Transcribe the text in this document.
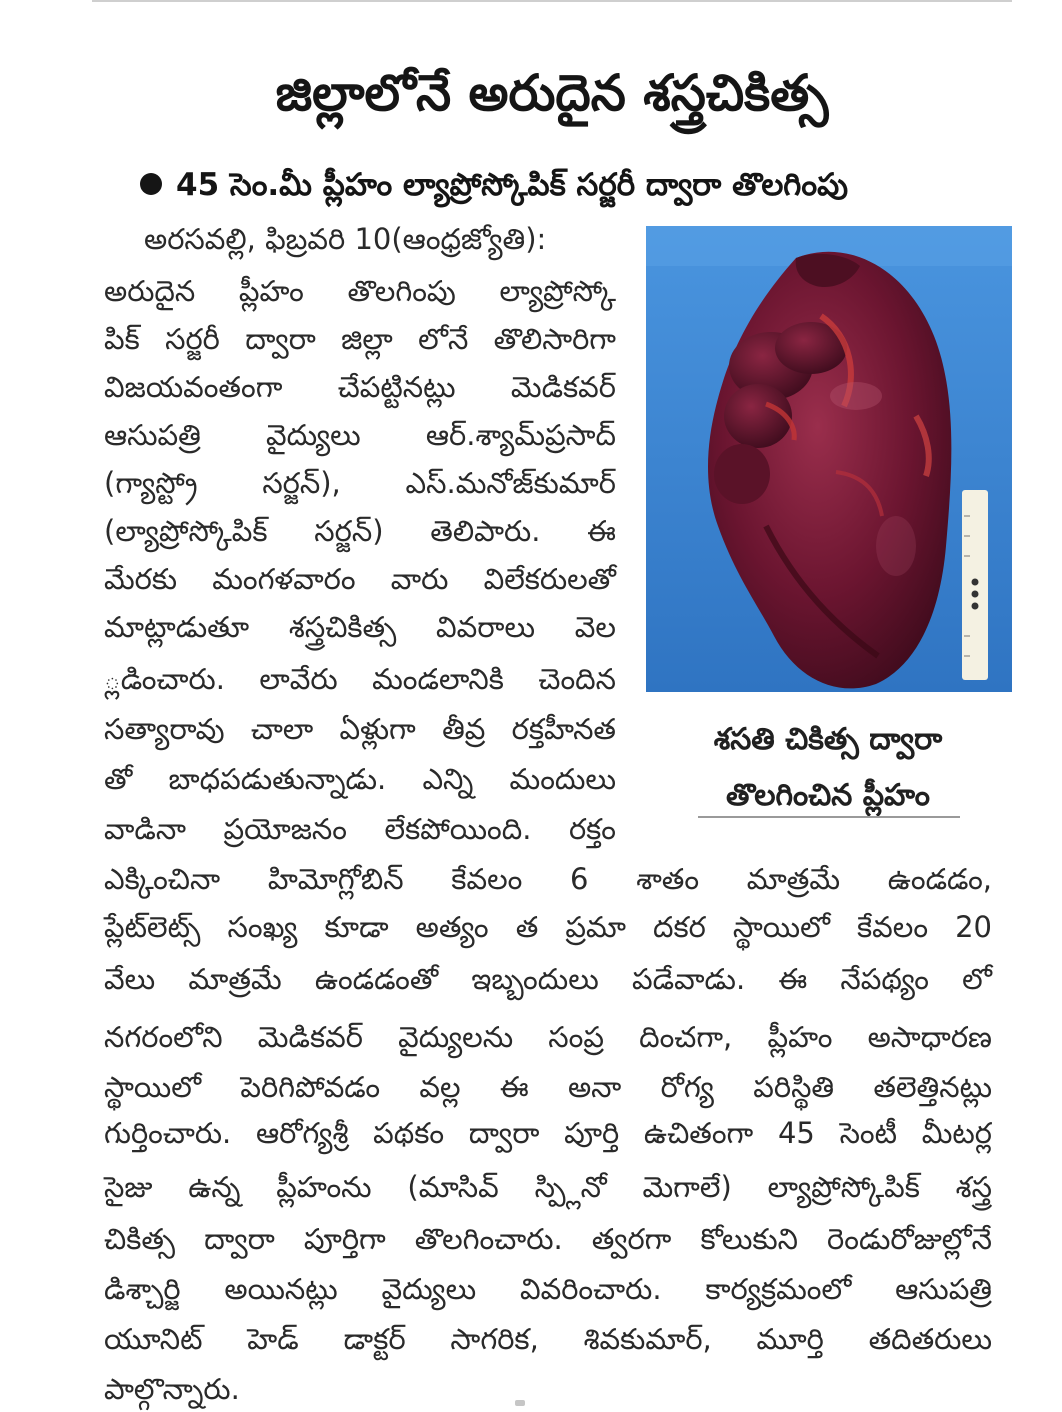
జిల్లాలోనే అరుదైన శస్త్రచికిత్స
45 సెం.మీ ప్లీహం ల్యాప్రోస్కోపిక్ సర్జరీ ద్వారా తొలగింపు
అరసవల్లి, ఫిబ్రవరి 10(ఆంధ్రజ్యోతి):
అరుదైన ప్లీహం తొలగింపు ల్యాప్రోస్కో
పిక్ సర్జరీ ద్వారా జిల్లా లోనే తొలిసారిగా
విజయవంతంగా చేపట్టినట్లు మెడికవర్
ఆసుపత్రి వైద్యులు ఆర్.శ్యామ్‌ప్రసాద్
(గ్యాస్ట్రో సర్జన్), ఎస్.మనోజ్‌కుమార్
(ల్యాప్రోస్కోపిక్ సర్జన్) తెలిపారు. ఈ
మేరకు మంగళవారం వారు విలేకరులతో
మాట్లాడుతూ శస్త్రచికిత్స వివరాలు వెల
్లడించారు. లావేరు మండలానికి చెందిన
సత్యారావు చాలా ఏళ్లుగా తీవ్ర రక్తహీనత
తో బాధపడుతున్నాడు. ఎన్ని మందులు
వాడినా ప్రయోజనం లేకపోయింది. రక్తం
ఎక్కించినా హిమోగ్లోబిన్ కేవలం 6 శాతం మాత్రమే ఉండడం,
ప్లేట్‌లెట్స్ సంఖ్య కూడా అత్యం త ప్రమా దకర స్థాయిలో కేవలం 20
వేలు మాత్రమే ఉండడంతో ఇబ్బందులు పడేవాడు. ఈ నేపథ్యం లో
నగరంలోని మెడికవర్ వైద్యులను సంప్ర దించగా, ప్లీహం అసాధారణ
స్థాయిలో పెరిగిపోవడం వల్ల ఈ అనా రోగ్య పరిస్థితి తలెత్తినట్లు
గుర్తించారు. ఆరోగ్యశ్రీ పథకం ద్వారా పూర్తి ఉచితంగా 45 సెంటీ మీటర్ల
సైజు ఉన్న ప్లీహంను (మాసివ్ స్ప్లినో మెగాలే) ల్యాప్రోస్కోపిక్ శస్త్ర
చికిత్స ద్వారా పూర్తిగా తొలగించారు. త్వరగా కోలుకుని రెండురోజుల్లోనే
డిశ్చార్జి అయినట్లు వైద్యులు వివరించారు. కార్యక్రమంలో ఆసుపత్రి
యూనిట్ హెడ్ డాక్టర్ సాగరిక, శివకుమార్, మూర్తి తదితరులు
పాల్గొన్నారు.
శసతి చికిత్స ద్వారా
తొలగించిన ప్లీహం
